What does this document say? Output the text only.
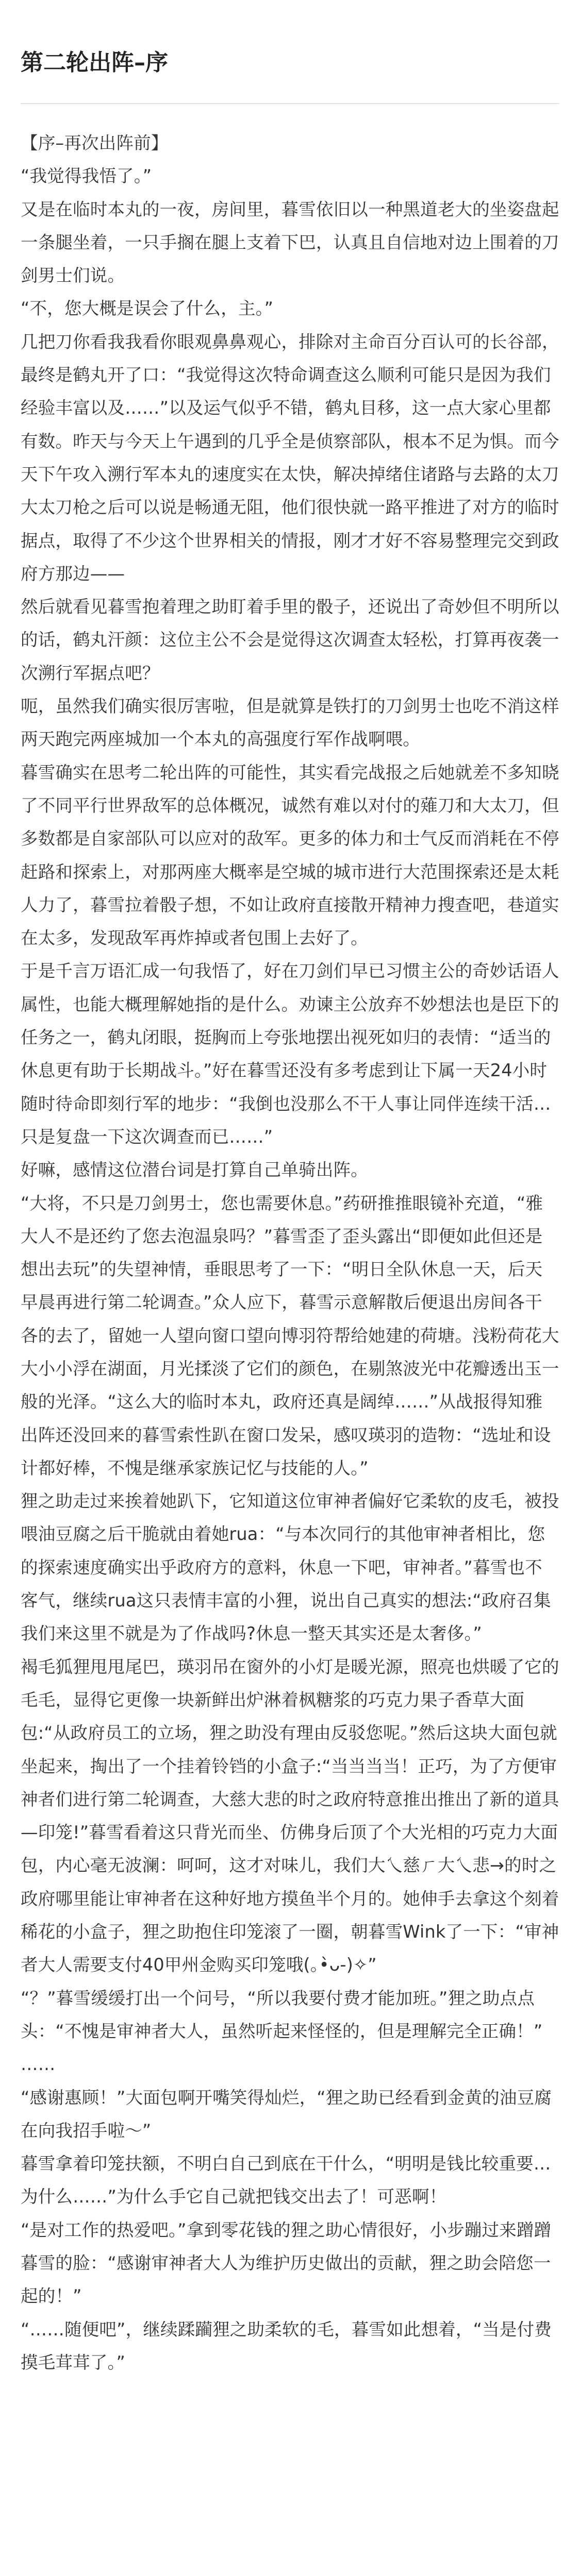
第二轮出阵–序

【序–再次出阵前】

“我觉得我悟了。”

又是在临时本丸的一夜，房间里，暮雪依旧以一种黑道老大的坐姿盘起一条腿坐着，一只手搁在腿上支着下巴，认真且自信地对边上围着的刀剑男士们说。

“不，您大概是误会了什么，主。”

几把刀你看我我看你眼观鼻鼻观心，排除对主命百分百认可的长谷部，最终是鹤丸开了口：“我觉得这次特命调查这么顺利可能只是因为我们经验丰富以及……”以及运气似乎不错，鹤丸目移，这一点大家心里都有数。昨天与今天上午遇到的几乎全是侦察部队，根本不足为惧。而今天下午攻入溯行军本丸的速度实在太快，解决掉绪住诸路与去路的太刀大太刀枪之后可以说是畅通无阻，他们很快就一路平推进了对方的临时据点，取得了不少这个世界相关的情报，刚才才好不容易整理完交到政府方那边——

然后就看见暮雪抱着理之助盯着手里的骰子，还说出了奇妙但不明所以的话，鹤丸汗颜：这位主公不会是觉得这次调查太轻松，打算再夜袭一次溯行军据点吧？

呃，虽然我们确实很厉害啦，但是就算是铁打的刀剑男士也吃不消这样两天跑完两座城加一个本丸的高强度行军作战啊喂。

暮雪确实在思考二轮出阵的可能性，其实看完战报之后她就差不多知晓了不同平行世界敌军的总体概况，诚然有难以对付的薙刀和大太刀，但多数都是自家部队可以应对的敌军。更多的体力和士气反而消耗在不停赶路和探索上，对那两座大概率是空城的城市进行大范围探索还是太耗人力了，暮雪拉着骰子想，不如让政府直接散开精神力搜查吧，巷道实在太多，发现敌军再炸掉或者包围上去好了。

于是千言万语汇成一句我悟了，好在刀剑们早已习惯主公的奇妙话语人属性，也能大概理解她指的是什么。劝谏主公放弃不妙想法也是臣下的任务之一，鹤丸闭眼，挺胸而上夸张地摆出视死如归的表情：“适当的休息更有助于长期战斗。”好在暮雪还没有多考虑到让下属一天24小时随时待命即刻行军的地步：“我倒也没那么不干人事让同伴连续干活…只是复盘一下这次调查而已……”

好嘛，感情这位潜台词是打算自己单骑出阵。

“大将，不只是刀剑男士，您也需要休息。”药研推推眼镜补充道，“雅大人不是还约了您去泡温泉吗？”暮雪歪了歪头露出“即便如此但还是想出去玩”的失望神情，垂眼思考了一下：“明日全队休息一天，后天早晨再进行第二轮调查。”众人应下，暮雪示意解散后便退出房间各干各的去了，留她一人望向窗口望向博羽符帮给她建的荷塘。浅粉荷花大大小小浮在湖面，月光揉淡了它们的颜色，在剔煞波光中花瓣透出玉一般的光泽。“这么大的临时本丸，政府还真是阔绰……”从战报得知雅出阵还没回来的暮雪索性趴在窗口发呆，感叹瑛羽的造物：“选址和设计都好棒，不愧是继承家族记忆与技能的人。”

狸之助走过来挨着她趴下，它知道这位审神者偏好它柔软的皮毛，被投喂油豆腐之后干脆就由着她rua：“与本次同行的其他审神者相比，您的探索速度确实出乎政府方的意料，休息一下吧，审神者。”暮雪也不客气，继续rua这只表情丰富的小狸，说出自己真实的想法:“政府召集我们来这里不就是为了作战吗?休息一整天其实还是太奢侈。”

褐毛狐狸甩甩尾巴，瑛羽吊在窗外的小灯是暖光源，照亮也烘暖了它的毛毛，显得它更像一块新鲜出炉淋着枫糖浆的巧克力果子香草大面包:“从政府员工的立场，狸之助没有理由反驳您呢。”然后这块大面包就坐起来，掏出了一个挂着铃铛的小盒子:“当当当当！正巧，为了方便审神者们进行第二轮调查，大慈大悲的时之政府特意推出推出了新的道具—印笼!”暮雪看着这只背光而坐、仿佛身后顶了个大光相的巧克力大面包，内心毫无波澜：呵呵，这才对味儿，我们大乀慈ㄏ大乀悲→的时之政府哪里能让审神者在这种好地方摸鱼半个月的。她伸手去拿这个刻着稀花的小盒子，狸之助抱住印笼滚了一圈，朝暮雪Wink了一下：“审神者大人需要支付40甲州金购买印笼哦(｡•̀ᴗ-)✧”

“？”暮雪缓缓打出一个问号，“所以我要付费才能加班。”狸之助点点头：“不愧是审神者大人，虽然听起来怪怪的，但是理解完全正确！”

……

“感谢惠顾！”大面包啊开嘴笑得灿烂，“狸之助已经看到金黄的油豆腐在向我招手啦～”

暮雪拿着印笼扶额，不明白自己到底在干什么，“明明是钱比较重要…为什么……”为什么手它自己就把钱交出去了！可恶啊！

“是对工作的热爱吧。”拿到零花钱的狸之助心情很好，小步蹦过来蹭蹭暮雪的脸：“感谢审神者大人为维护历史做出的贡献，狸之助会陪您一起的！”

“……随便吧”，继续蹂躏狸之助柔软的毛，暮雪如此想着，“当是付费摸毛茸茸了。”
